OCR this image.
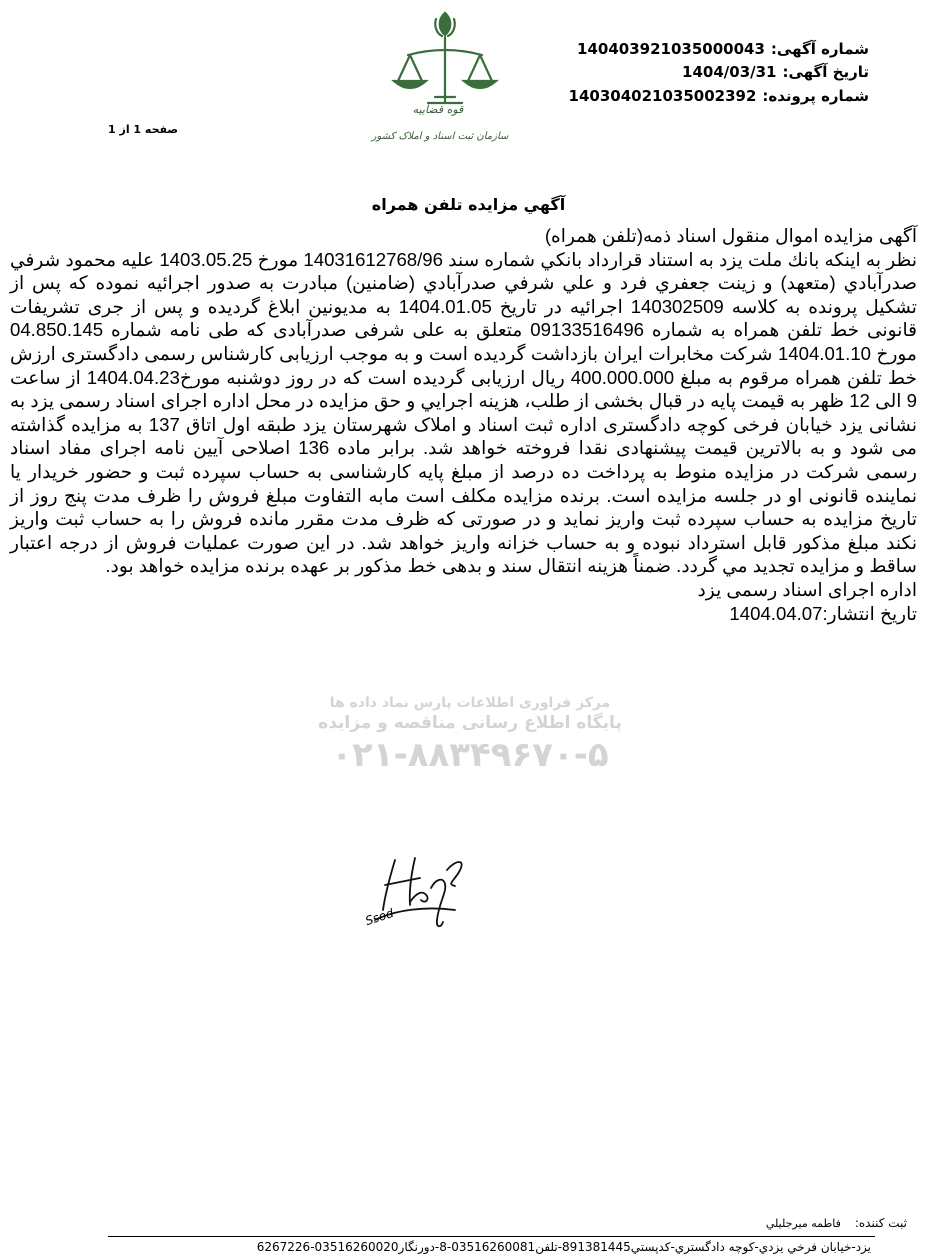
شماره آگهی:14040392103500004‌3
تاریخ آگهی:1404/03/31
شماره پرونده:140304021035002392
صفحه 1 از 1
قوه قضاییه
سازمان ثبت اسناد و املاک کشور
آگهي مزايده تلفن همراه
مرکز فراوری اطلاعات پارس نماد داده ها
پایگاه اطلاع رسانی مناقصه و مزایده
۰۲۱-۸۸۳۴۹۶۷۰-۵

آگهی مزایده اموال منقول اسناد ذمه(تلفن همراه)

نظر به اينكه بانك ملت یزد به استناد قرارداد بانكي شماره سند 14031612768/96 مورخ 1403.05.25 عليه محمود شرفي صدرآبادي (متعهد) و زینت جعفري فرد و علي شرفي صدرآبادي (ضامنين) مبادرت به صدور اجرائيه نموده كه پس از تشكيل پرونده به كلاسه 140302509 اجرائيه در تاريخ 1404.01.05 به مديونين ابلاغ گرديده و پس از جری تشریفات قانونی خط تلفن همراه به شماره 09133516496 متعلق به علی شرفی صدرآبادی که طی نامه شماره 04.850.145 مورخ 1404.01.10 شرکت مخابرات ایران بازداشت گردیده است و به موجب ارزیابی کارشناس رسمی دادگستری ارزش خط تلفن همراه مرقوم به مبلغ 400.000.000 ریال ارزیابی گردیده است که در روز دوشنبه مورخ1404.04.23 از ساعت 9 الی 12 ظهر به قیمت پایه در قبال بخشی از طلب، هزينه اجرايي و حق مزايده در محل اداره اجرای اسناد رسمی یزد به نشانی یزد خیابان فرخی کوچه دادگستری اداره ثبت اسناد و املاک شهرستان یزد طبقه اول اتاق 137 به مزايده گذاشته می شود و به بالاترين قيمت پیشنهادی نقدا فروخته خواهد شد. برابر ماده 136 اصلاحی آيين نامه اجرای مفاد اسناد رسمی شرکت در مزایده منوط به پرداخت ده درصد از مبلغ پایه کارشناسی به حساب سپرده ثبت و حضور خریدار یا نماینده قانونی او در جلسه مزایده است. برنده مزايده مکلف است مابه التفاوت مبلغ فروش را ظرف مدت پنج روز از تاريخ مزايده به حساب سپرده ثبت واريز نمايد و در صورتی که ظرف مدت مقرر مانده فروش را به حساب ثبت واریز نکند مبلغ مذکور قابل استرداد نبوده و به حساب خزانه واريز خواهد شد. در اين صورت عمليات فروش از درجه اعتبار ساقط و مزايده تجديد مي گردد. ضمناً هزينه انتقال سند و بدهی خط مذکور بر عهده برنده مزايده خواهد بود.

اداره اجرای اسناد رسمی یزد

تاریخ انتشار:1404.04.07

Ssod
ثبت كننده:فاطمه ميرجليلي
یزد-خيابان فرخي يزدي-كوچه دادگستري-كدپستي891381445-تلفن03516260081-8-دورنگار03516260020-6267226
